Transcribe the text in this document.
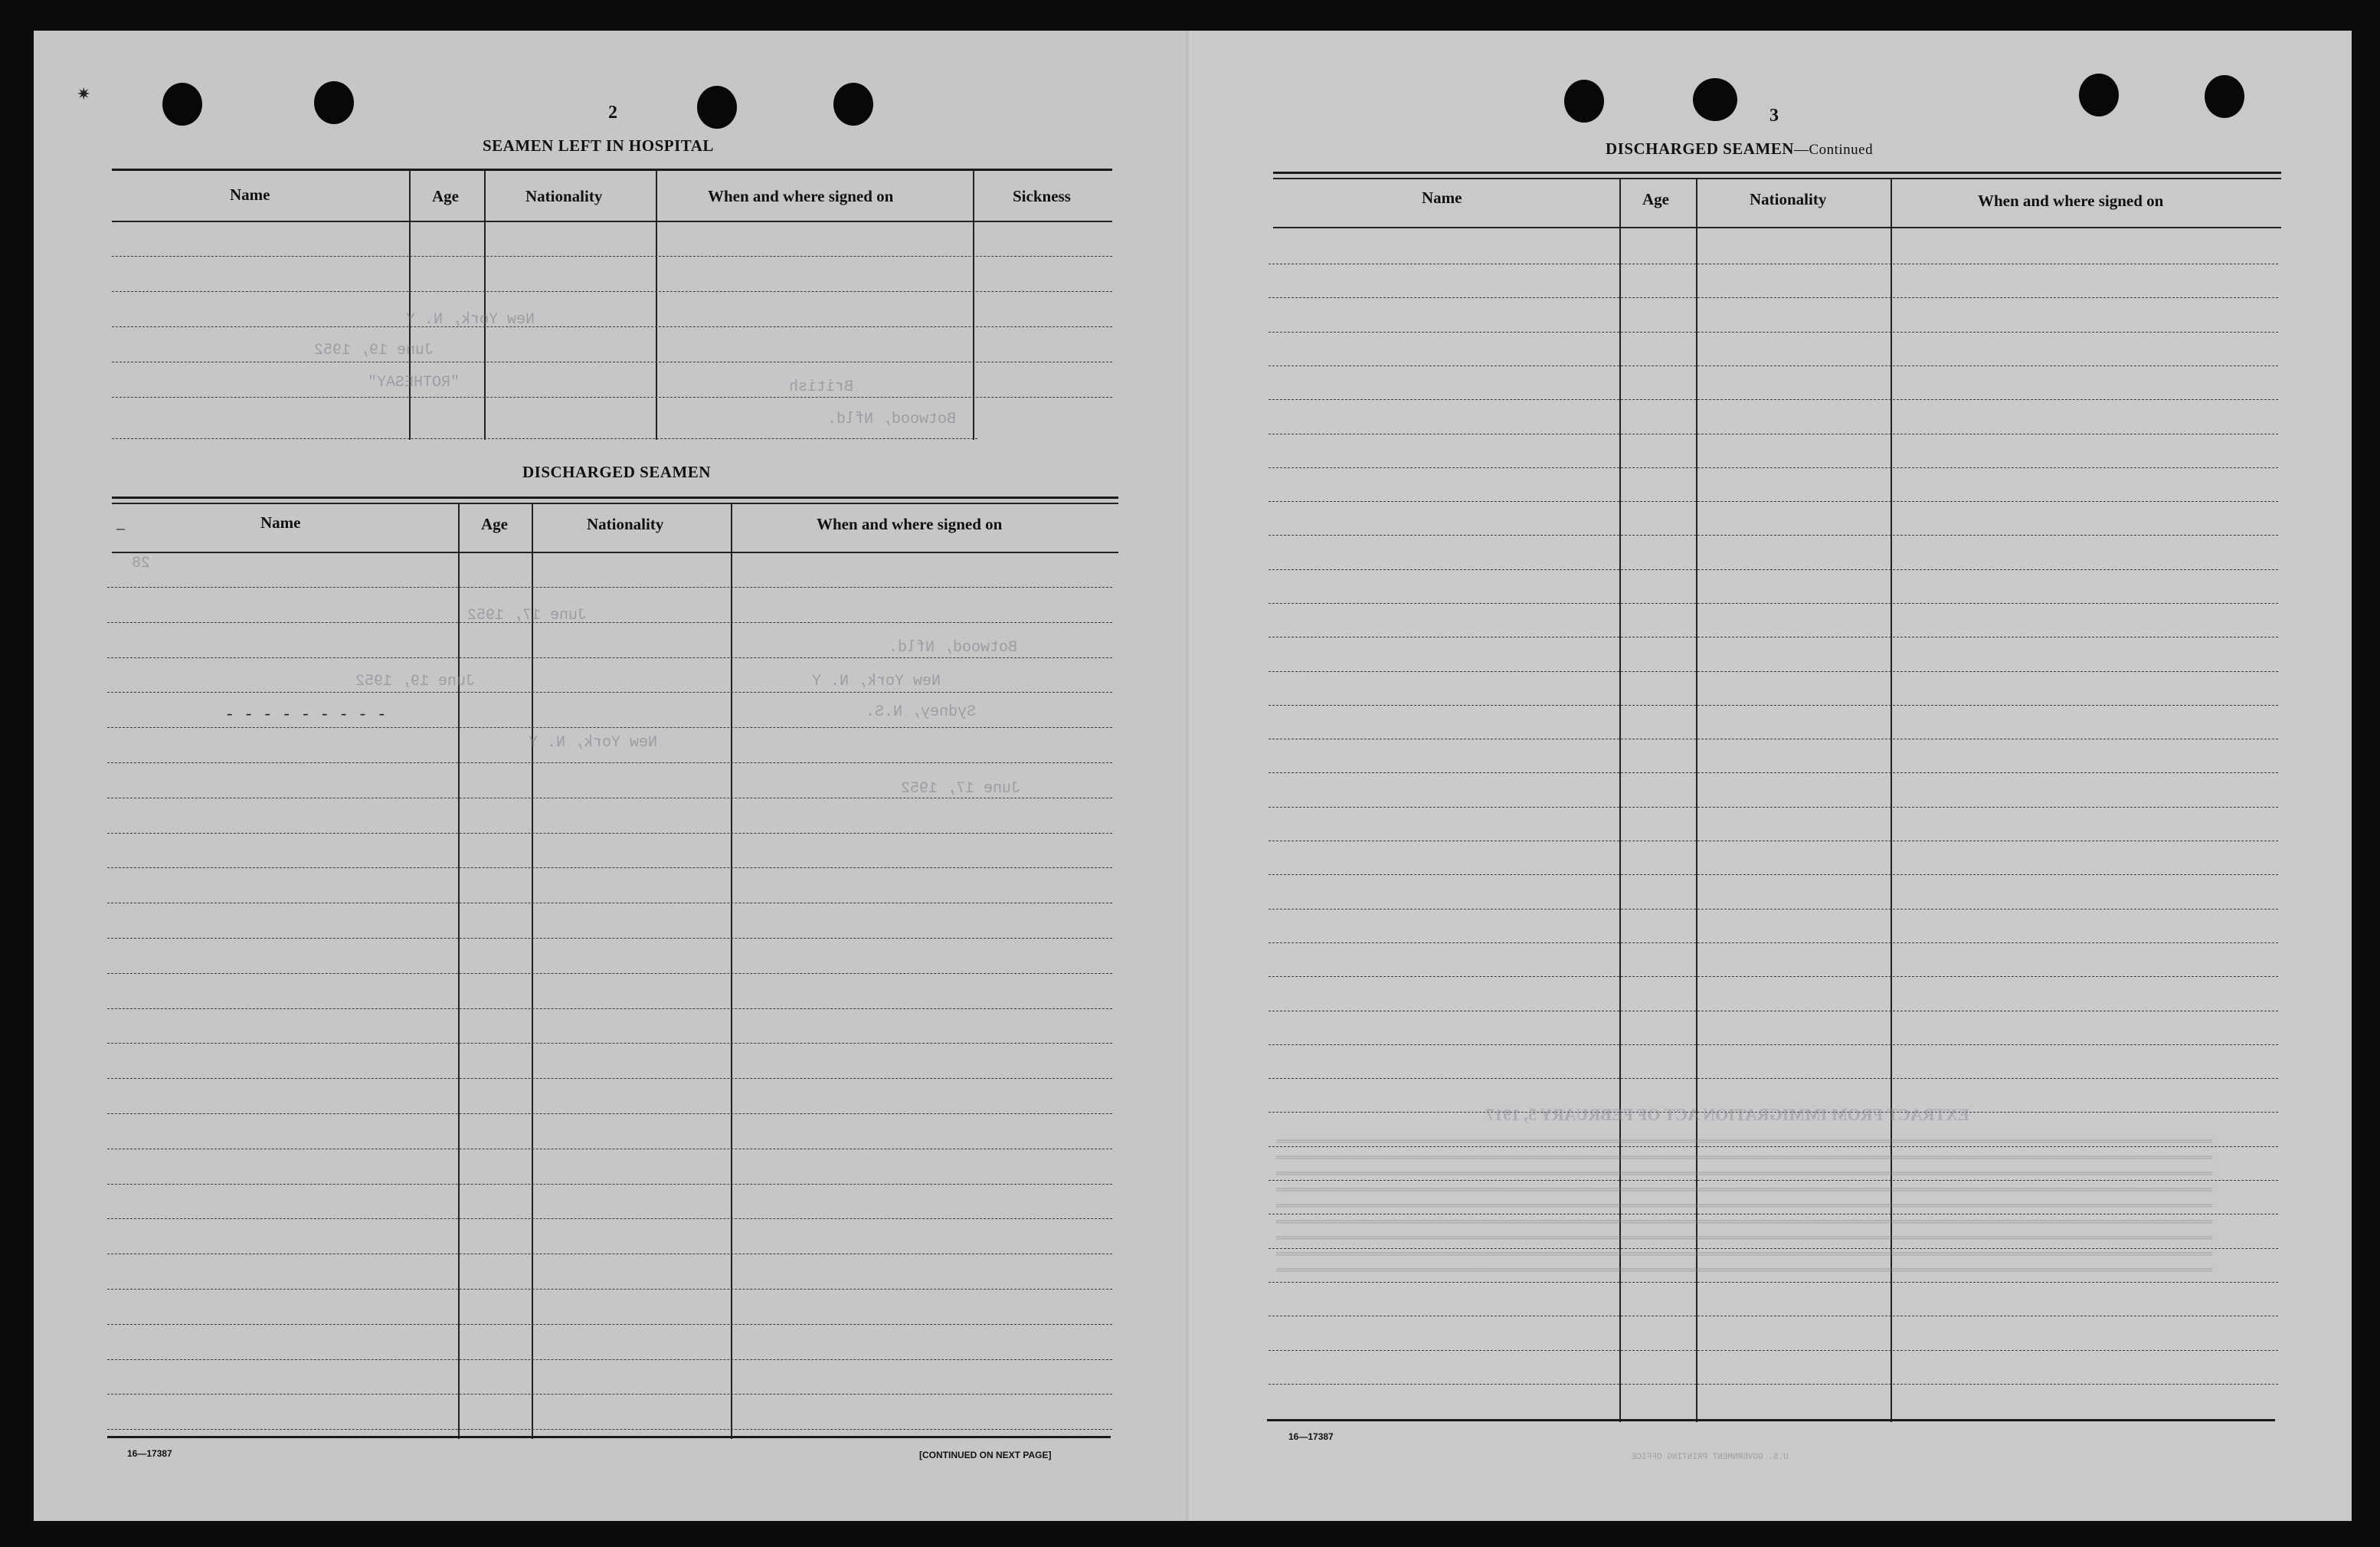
✷
2
SEAMEN LEFT IN HOSPITAL
Name	Age	Nationality	When and where signed on	Sickness
DISCHARGED SEAMEN
Name	Age	Nationality	When and where signed on
–
16—17387	[CONTINUED ON NEXT PAGE]
3
DISCHARGED SEAMEN—Continued
Name	Age	Nationality	When and where signed on
16—17387
New York, N. Y
June 19, 1952
"ROTHESAY"	British
Botwood, Nfld.
28
June 17, 1952
Botwood, Nfld.
June 19, 1952	New York, N. Y
Sydney, N.S.
New York, N. Y
June 17, 1952
- - - - - - - - -
EXTRACT FROM IMMIGRATION ACT OF FEBRUARY 5, 1917
═══════════════════════════════════════════════════════════════════════════════════════════════════════════════════
═══════════════════════════════════════════════════════════════════════════════════════════════════════════════════
═══════════════════════════════════════════════════════════════════════════════════════════════════════════════════
═══════════════════════════════════════════════════════════════════════════════════════════════════════════════════
═══════════════════════════════════════════════════════════════════════════════════════════════════════════════════
═══════════════════════════════════════════════════════════════════════════════════════════════════════════════════
═══════════════════════════════════════════════════════════════════════════════════════════════════════════════════
═══════════════════════════════════════════════════════════════════════════════════════════════════════════════════
═══════════════════════════════════════════════════════════════════════════════════════════════════════════════════
U.S. GOVERNMENT PRINTING OFFICE
